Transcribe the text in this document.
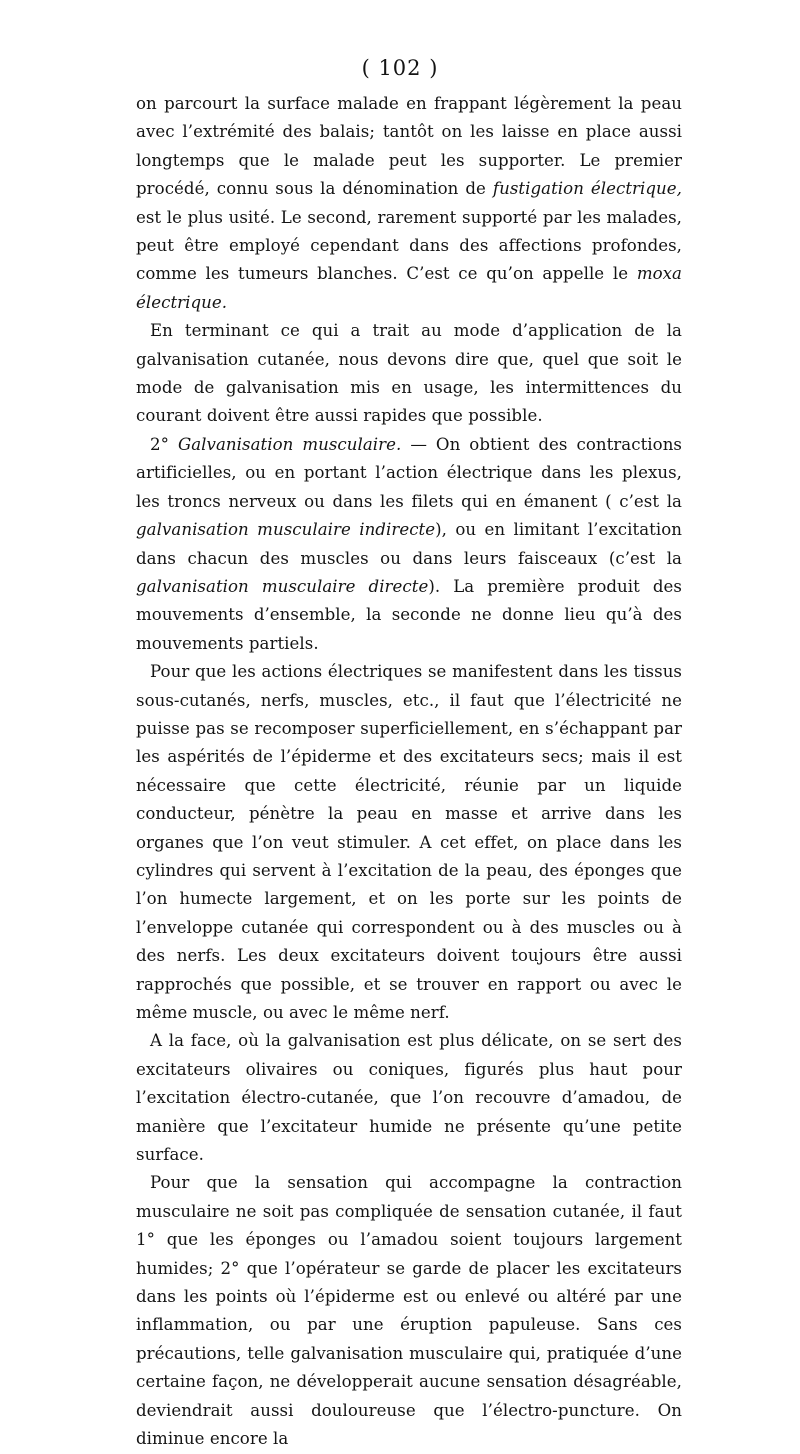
( 102 )

on parcourt la surface malade en frappant légèrement la peau avec l’extrémité des balais; tantôt on les laisse en place aussi longtemps que le malade peut les supporter. Le premier procédé, connu sous la dénomination de fustigation électrique, est le plus usité. Le second, rarement supporté par les malades, peut être employé cependant dans des affections profondes, comme les tumeurs blanches. C’est ce qu’on appelle le moxa électrique.

En terminant ce qui a trait au mode d’application de la galvanisation cutanée, nous devons dire que, quel que soit le mode de galvanisation mis en usage, les intermittences du courant doivent être aussi rapides que possible.

2° Galvanisation musculaire. — On obtient des contractions artificielles, ou en portant l’action électrique dans les plexus, les troncs nerveux ou dans les filets qui en émanent ( c’est la galvanisation musculaire indirecte), ou en limitant l’excitation dans chacun des muscles ou dans leurs faisceaux (c’est la galvanisation musculaire directe). La première produit des mouvements d’ensemble, la seconde ne donne lieu qu’à des mouvements partiels.

Pour que les actions électriques se manifestent dans les tissus sous-cutanés, nerfs, muscles, etc., il faut que l’électricité ne puisse pas se recomposer superficiellement, en s’échappant par les aspérités de l’épiderme et des excitateurs secs; mais il est nécessaire que cette électricité, réunie par un liquide conducteur, pénètre la peau en masse et arrive dans les organes que l’on veut stimuler. A cet effet, on place dans les cylindres qui servent à l’excitation de la peau, des éponges que l’on humecte largement, et on les porte sur les points de l’enveloppe cutanée qui correspondent ou à des muscles ou à des nerfs. Les deux excitateurs doivent toujours être aussi rapprochés que possible, et se trouver en rapport ou avec le même muscle, ou avec le même nerf.

A la face, où la galvanisation est plus délicate, on se sert des excitateurs olivaires ou coniques, figurés plus haut pour l’excitation électro-cutanée, que l’on recouvre d’amadou, de manière que l’excitateur humide ne présente qu’une petite surface.

Pour que la sensation qui accompagne la contraction musculaire ne soit pas compliquée de sensation cutanée, il faut 1° que les éponges ou l’amadou soient toujours largement humides; 2° que l’opérateur se garde de placer les excitateurs dans les points où l’épiderme est ou enlevé ou altéré par une inflammation, ou par une éruption papuleuse. Sans ces précautions, telle galvanisation musculaire qui, pratiquée d’une certaine façon, ne développerait aucune sensation désagréable, deviendrait aussi douloureuse que l’électro-puncture. On diminue encore la
